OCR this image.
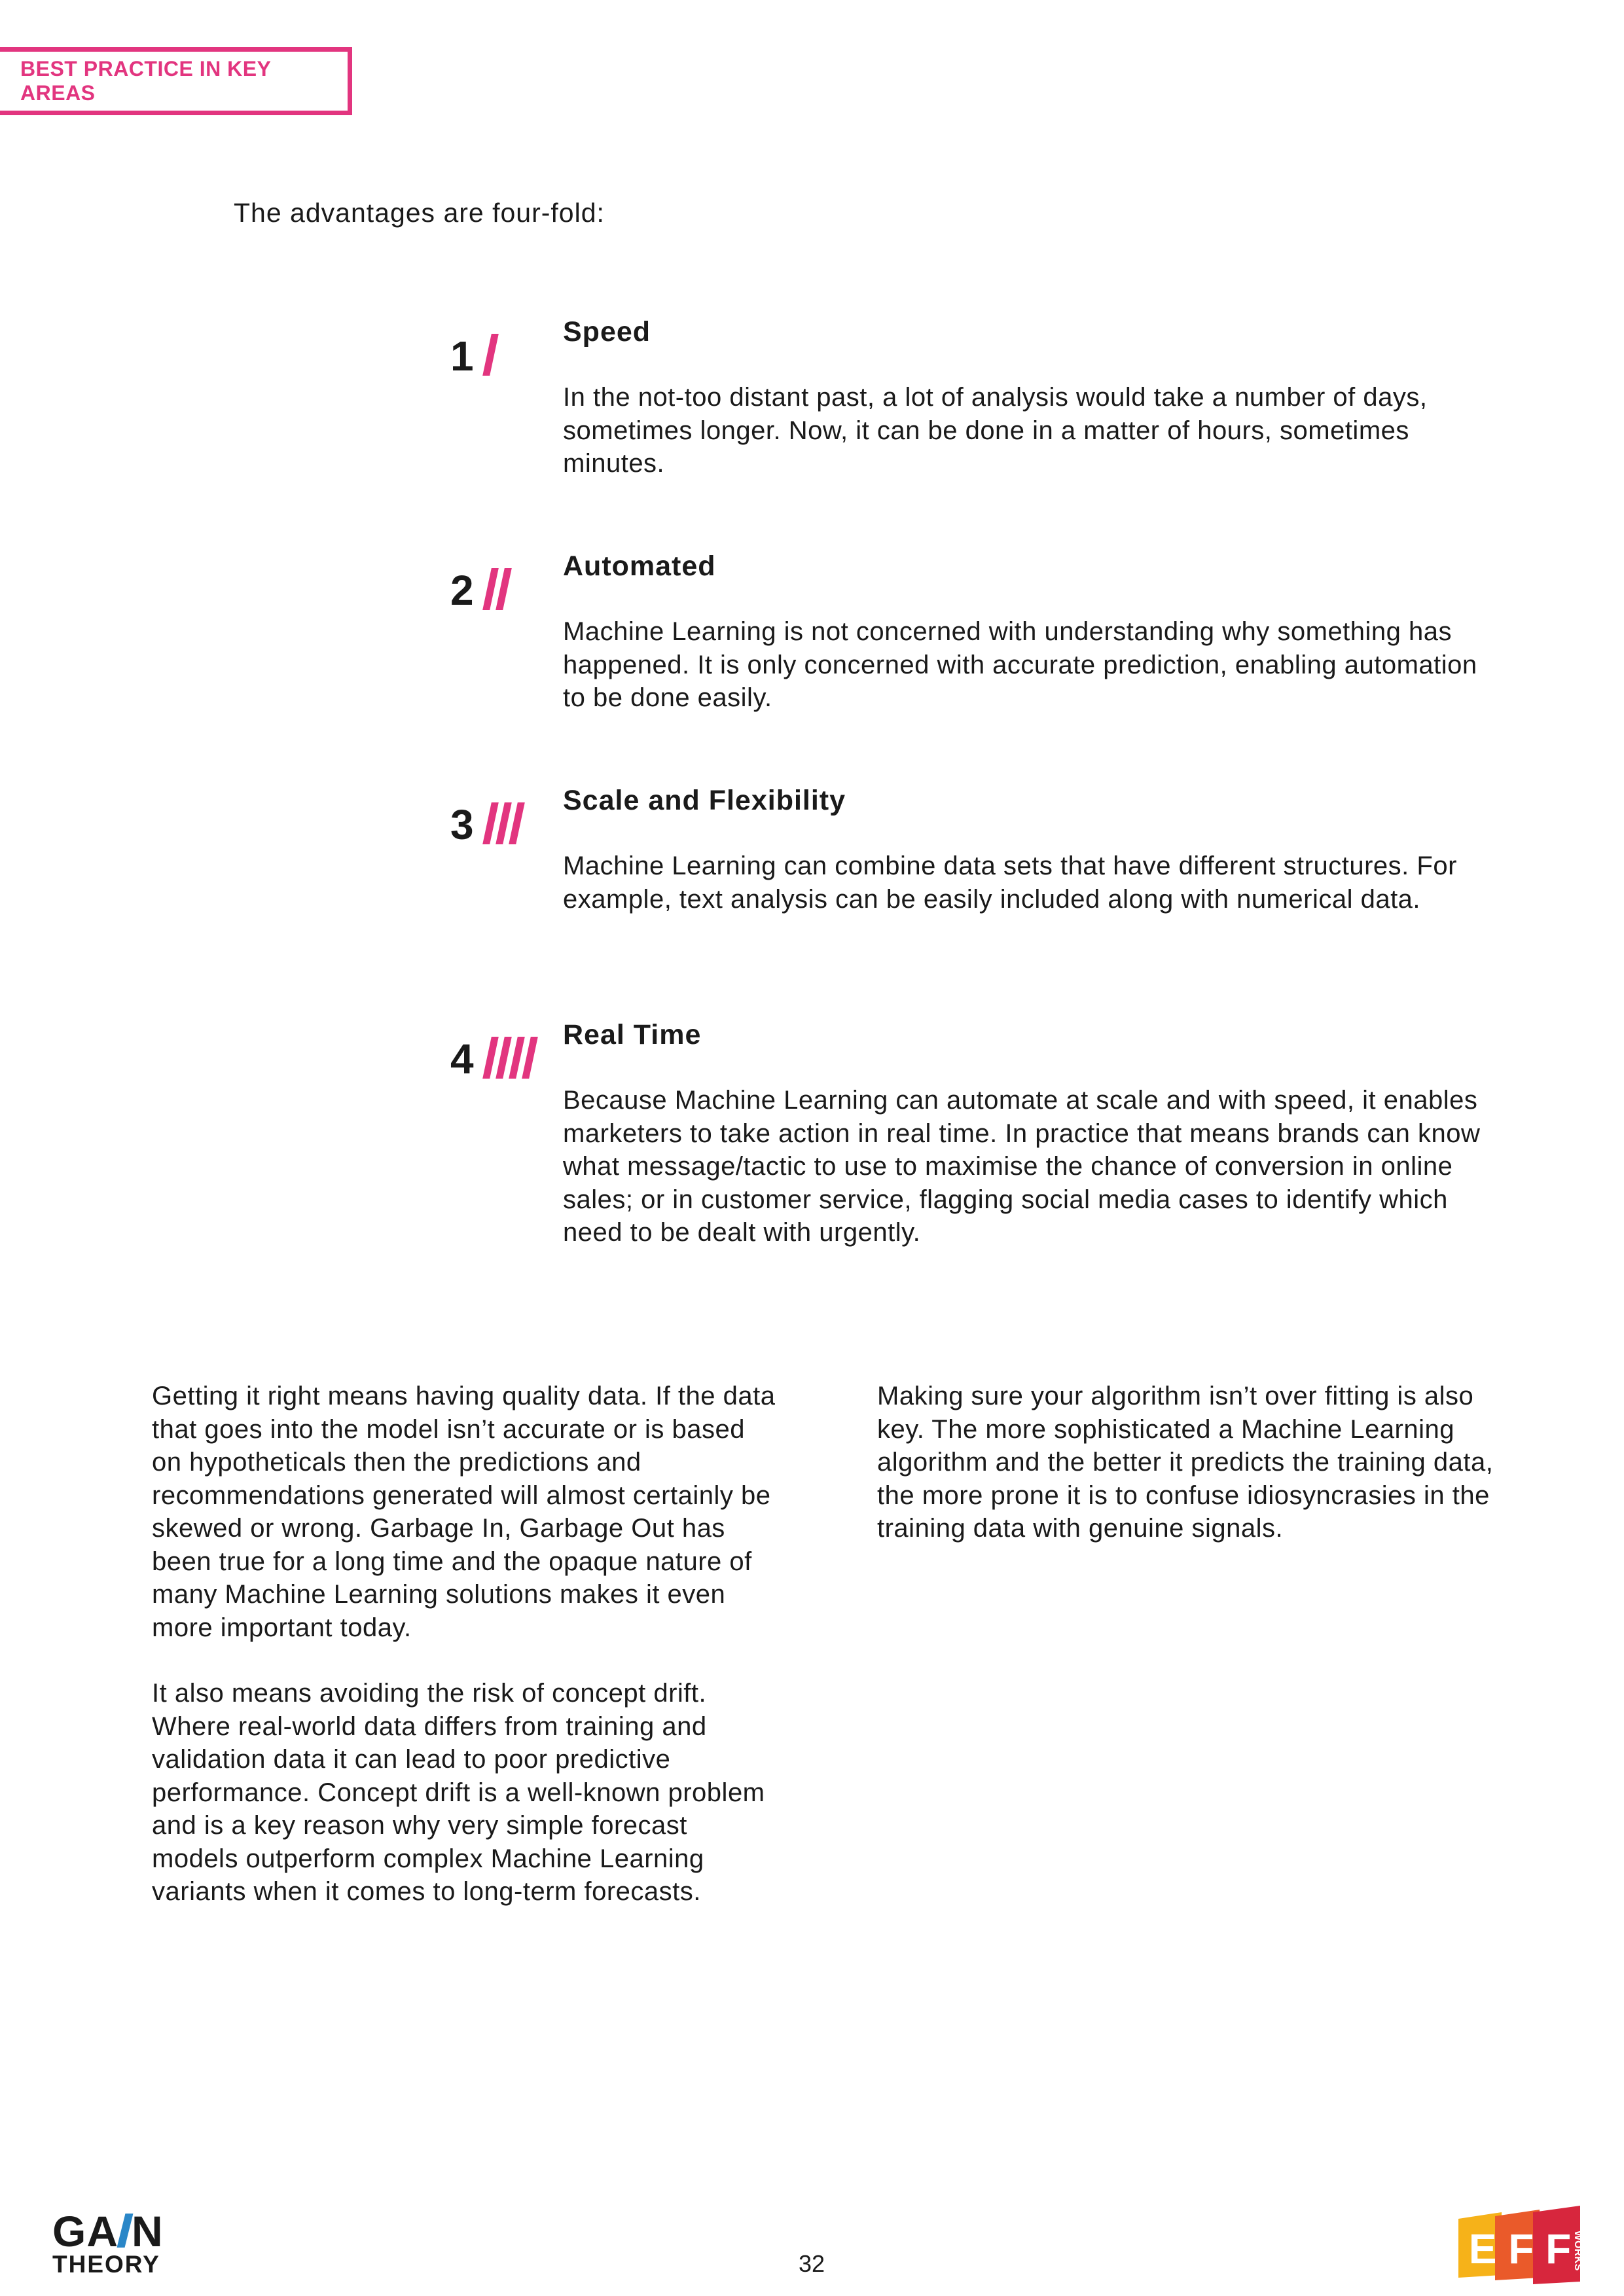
BEST PRACTICE IN KEY AREAS
The advantages are four-fold:
1
Speed
In the not-too distant past, a lot of analysis would take a number of days, sometimes longer. Now, it can be done in a matter of hours, sometimes minutes.
2
Automated
Machine Learning is not concerned with understanding why something has happened. It is only concerned with accurate prediction, enabling automation to be done easily.
3
Scale and Flexibility
Machine Learning can combine data sets that have different structures. For example, text analysis can be easily included along with numerical data.
4
Real Time
Because Machine Learning can automate at scale and with speed, it enables marketers to take action in real time. In practice that means brands can know what message/tactic to use to maximise the chance of conversion in online sales; or in customer service, flagging social media cases to identify which need to be dealt with urgently.

Getting it right means having quality data. If the data that goes into the model isn’t accurate or is based on hypotheticals then the predictions and recommendations generated will almost certainly be skewed or wrong. Garbage In, Garbage Out has been true for a long time and the opaque nature of many Machine Learning solutions makes it even more important today.

It also means avoiding the risk of concept drift. Where real-world data differs from training and validation data it can lead to poor predictive performance. Concept drift is a well-known problem and is a key reason why very simple forecast models outperform complex Machine Learning variants when it comes to long-term forecasts.

Making sure your algorithm isn’t over fitting is also key. The more sophisticated a Machine Learning algorithm and the better it predicts the training data, the more prone it is to confuse idiosyncrasies in the training data with genuine signals.

GA N
THEORY	32	E F F WORKS
